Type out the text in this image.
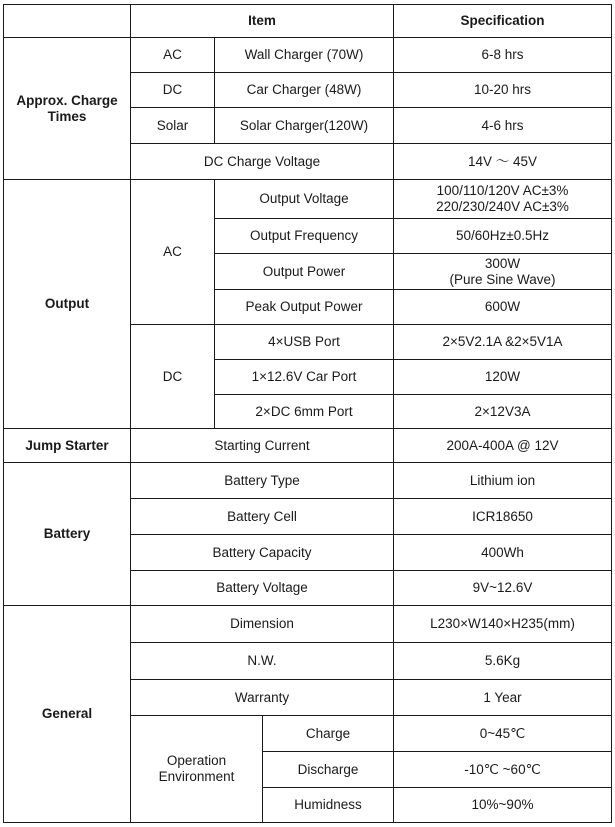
	Item			Specification
Approx. Charge
Times	AC	Wall Charger (70W)		6-8 hrs
	DC	Car Charger (48W)		10-20 hrs
	Solar	Solar Charger(120W)		4-6 hrs
	DC Charge Voltage			14V ～ 45V
Output	AC	Output Voltage		100/110/120V AC±3%
220/230/240V AC±3%
		Output Frequency		50/60Hz±0.5Hz
		Output Power		300W
(Pure Sine Wave)
		Peak Output Power		600W
	DC	4×USB Port		2×5V2.1A &2×5V1A
		1×12.6V Car Port		120W
		2×DC 6mm Port		2×12V3A
Jump Starter	Starting Current			200A-400A @ 12V
Battery	Battery Type			Lithium ion
	Battery Cell			ICR18650
	Battery Capacity			400Wh
	Battery Voltage			9V~12.6V
General	Dimension			L230×W140×H235(mm)
	N.W.			5.6Kg
	Warranty			1 Year
	Operation
Environment		Charge	0~45℃
			Discharge	-10℃ ~60℃
			Humidness	10%~90%
